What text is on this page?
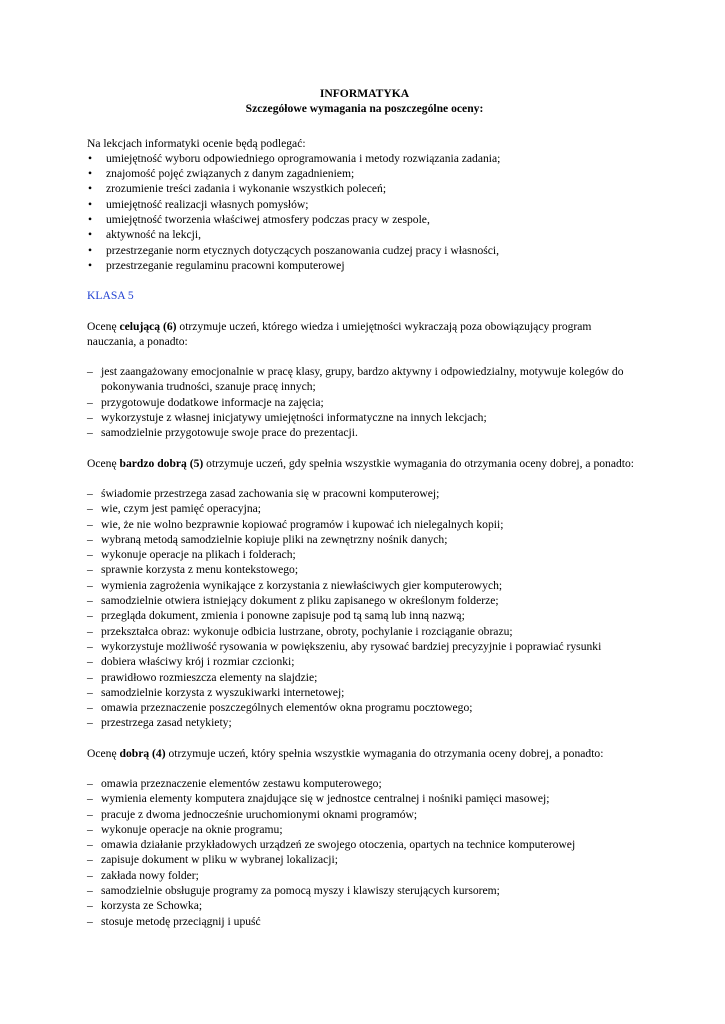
INFORMATYKA
Szczegółowe wymagania na poszczególne oceny:
Na lekcjach informatyki ocenie będą podlegać:
• umiejętność wyboru odpowiedniego oprogramowania i metody rozwiązania zadania;
• znajomość pojęć związanych z danym zagadnieniem;
• zrozumienie treści zadania i wykonanie wszystkich poleceń;
• umiejętność realizacji własnych pomysłów;
• umiejętność tworzenia właściwej atmosfery podczas pracy w zespole,
• aktywność na lekcji,
• przestrzeganie norm etycznych dotyczących poszanowania cudzej pracy i własności,
• przestrzeganie regulaminu pracowni komputerowej
KLASA 5
Ocenę celującą (6) otrzymuje uczeń, którego wiedza i umiejętności wykraczają poza obowiązujący program nauczania, a ponadto:
– jest zaangażowany emocjonalnie w pracę klasy, grupy, bardzo aktywny i odpowiedzialny, motywuje kolegów do pokonywania trudności, szanuje pracę innych;
– przygotowuje dodatkowe informacje na zajęcia;
– wykorzystuje z własnej inicjatywy umiejętności informatyczne na innych lekcjach;
– samodzielnie przygotowuje swoje prace do prezentacji.
Ocenę bardzo dobrą (5) otrzymuje uczeń, gdy spełnia wszystkie wymagania do otrzymania oceny dobrej, a ponadto:
– świadomie przestrzega zasad zachowania się w pracowni komputerowej;
– wie, czym jest pamięć operacyjna;
– wie, że nie wolno bezprawnie kopiować programów i kupować ich nielegalnych kopii;
– wybraną metodą samodzielnie kopiuje pliki na zewnętrzny nośnik danych;
– wykonuje operacje na plikach i folderach;
– sprawnie korzysta z menu kontekstowego;
– wymienia zagrożenia wynikające z korzystania z niewłaściwych gier komputerowych;
– samodzielnie otwiera istniejący dokument z pliku zapisanego w określonym folderze;
– przegląda dokument, zmienia i ponowne zapisuje pod tą samą lub inną nazwą;
– przekształca obraz: wykonuje odbicia lustrzane, obroty, pochylanie i rozciąganie obrazu;
– wykorzystuje możliwość rysowania w powiększeniu, aby rysować bardziej precyzyjnie i poprawiać rysunki
– dobiera właściwy krój i rozmiar czcionki;
– prawidłowo rozmieszcza elementy na slajdzie;
– samodzielnie korzysta z wyszukiwarki internetowej;
– omawia przeznaczenie poszczególnych elementów okna programu pocztowego;
– przestrzega zasad netykiety;
Ocenę dobrą (4) otrzymuje uczeń, który spełnia wszystkie wymagania do otrzymania oceny dobrej, a ponadto:
– omawia przeznaczenie elementów zestawu komputerowego;
– wymienia elementy komputera znajdujące się w jednostce centralnej i nośniki pamięci masowej;
– pracuje z dwoma jednocześnie uruchomionymi oknami programów;
– wykonuje operacje na oknie programu;
– omawia działanie przykładowych urządzeń ze swojego otoczenia, opartych na technice komputerowej
– zapisuje dokument w pliku w wybranej lokalizacji;
– zakłada nowy folder;
– samodzielnie obsługuje programy za pomocą myszy i klawiszy sterujących kursorem;
– korzysta ze Schowka;
– stosuje metodę przeciągnij i upuść
